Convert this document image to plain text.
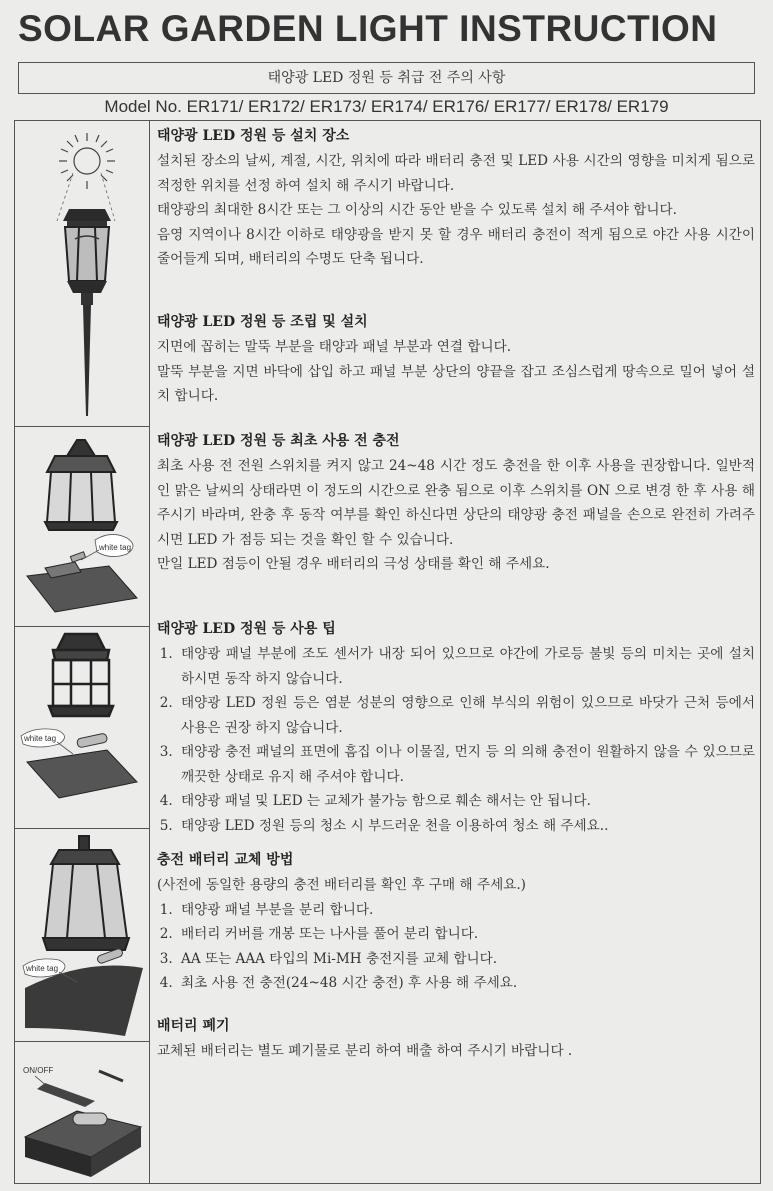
SOLAR GARDEN LIGHT INSTRUCTION
태양광 LED 정원 등 취급 전 주의 사항
Model No. ER171/ ER172/ ER173/ ER174/ ER176/ ER177/ ER178/ ER179
white tag
white tag
white tag
ON/OFF
태양광 LED 정원 등 설치 장소

설치된 장소의 날씨, 계절, 시간, 위치에 따라 배터리 충전 및 LED 사용 시간의 영향을 미치게 됨으로 적정한 위치를 선정 하여 설치 해 주시기 바랍니다.

태양광의 최대한 8시간 또는 그 이상의 시간 동안 받을 수 있도록 설치 해 주셔야 합니다.

음영 지역이나 8시간 이하로 태양광을 받지 못 할 경우 배터리 충전이 적게 됨으로 야간 사용 시간이 줄어들게 되며, 배터리의 수명도 단축 됩니다.

태양광 LED 정원 등 조립 및 설치

지면에 꼽히는 말뚝 부분을 태양과 패널 부분과 연결 합니다.

말뚝 부분을 지면 바닥에 삽입 하고 패널 부분 상단의 양끝을 잡고 조심스럽게 땅속으로 밀어 넣어 설치 합니다.

태양광 LED 정원 등 최초 사용 전 충전

최초 사용 전 전원 스위치를 켜지 않고 24~48 시간 정도 충전을 한 이후 사용을 권장합니다. 일반적인 맑은 날씨의 상태라면 이 정도의 시간으로 완충 됨으로 이후 스위치를 ON 으로 변경 한 후 사용 해 주시기 바라며, 완충 후 동작 여부를 확인 하신다면 상단의 태양광 충전 패널을 손으로 완전히 가려주시면 LED 가 점등 되는 것을 확인 할 수 있습니다.

만일 LED 점등이 안될 경우 배터리의 극성 상태를 확인 해 주세요.

태양광 LED 정원 등 사용 팁
1. 태양광 패널 부분에 조도 센서가 내장 되어 있으므로 야간에 가로등 불빛 등의 미치는 곳에 설치 하시면 동작 하지 않습니다.
2. 태양광 LED 정원 등은 염분 성분의 영향으로 인해 부식의 위험이 있으므로 바닷가 근처 등에서 사용은 권장 하지 않습니다.
3. 태양광 충전 패널의 표면에 흠집 이나 이물질, 먼지 등 의 의해 충전이 원활하지 않을 수 있으므로 깨끗한 상태로 유지 해 주셔야 합니다.
4. 태양광 패널 및 LED 는 교체가 불가능 함으로 훼손 해서는 안 됩니다.
5. 태양광 LED 정원 등의 청소 시 부드러운 천을 이용하여 청소 해 주세요..
충전 배터리 교체 방법

(사전에 동일한 용량의 충전 배터리를 확인 후 구매 해 주세요.)

1. 태양광 패널 부분을 분리 합니다.
2. 배터리 커버를 개봉 또는 나사를 풀어 분리 합니다.
3. AA 또는 AAA 타입의 Mi-MH 충전지를 교체 합니다.
4. 최초 사용 전 충전(24~48 시간 충전) 후 사용 해 주세요.
배터리 폐기

교체된 배터리는 별도 폐기물로 분리 하여 배출 하여 주시기 바랍니다 .
